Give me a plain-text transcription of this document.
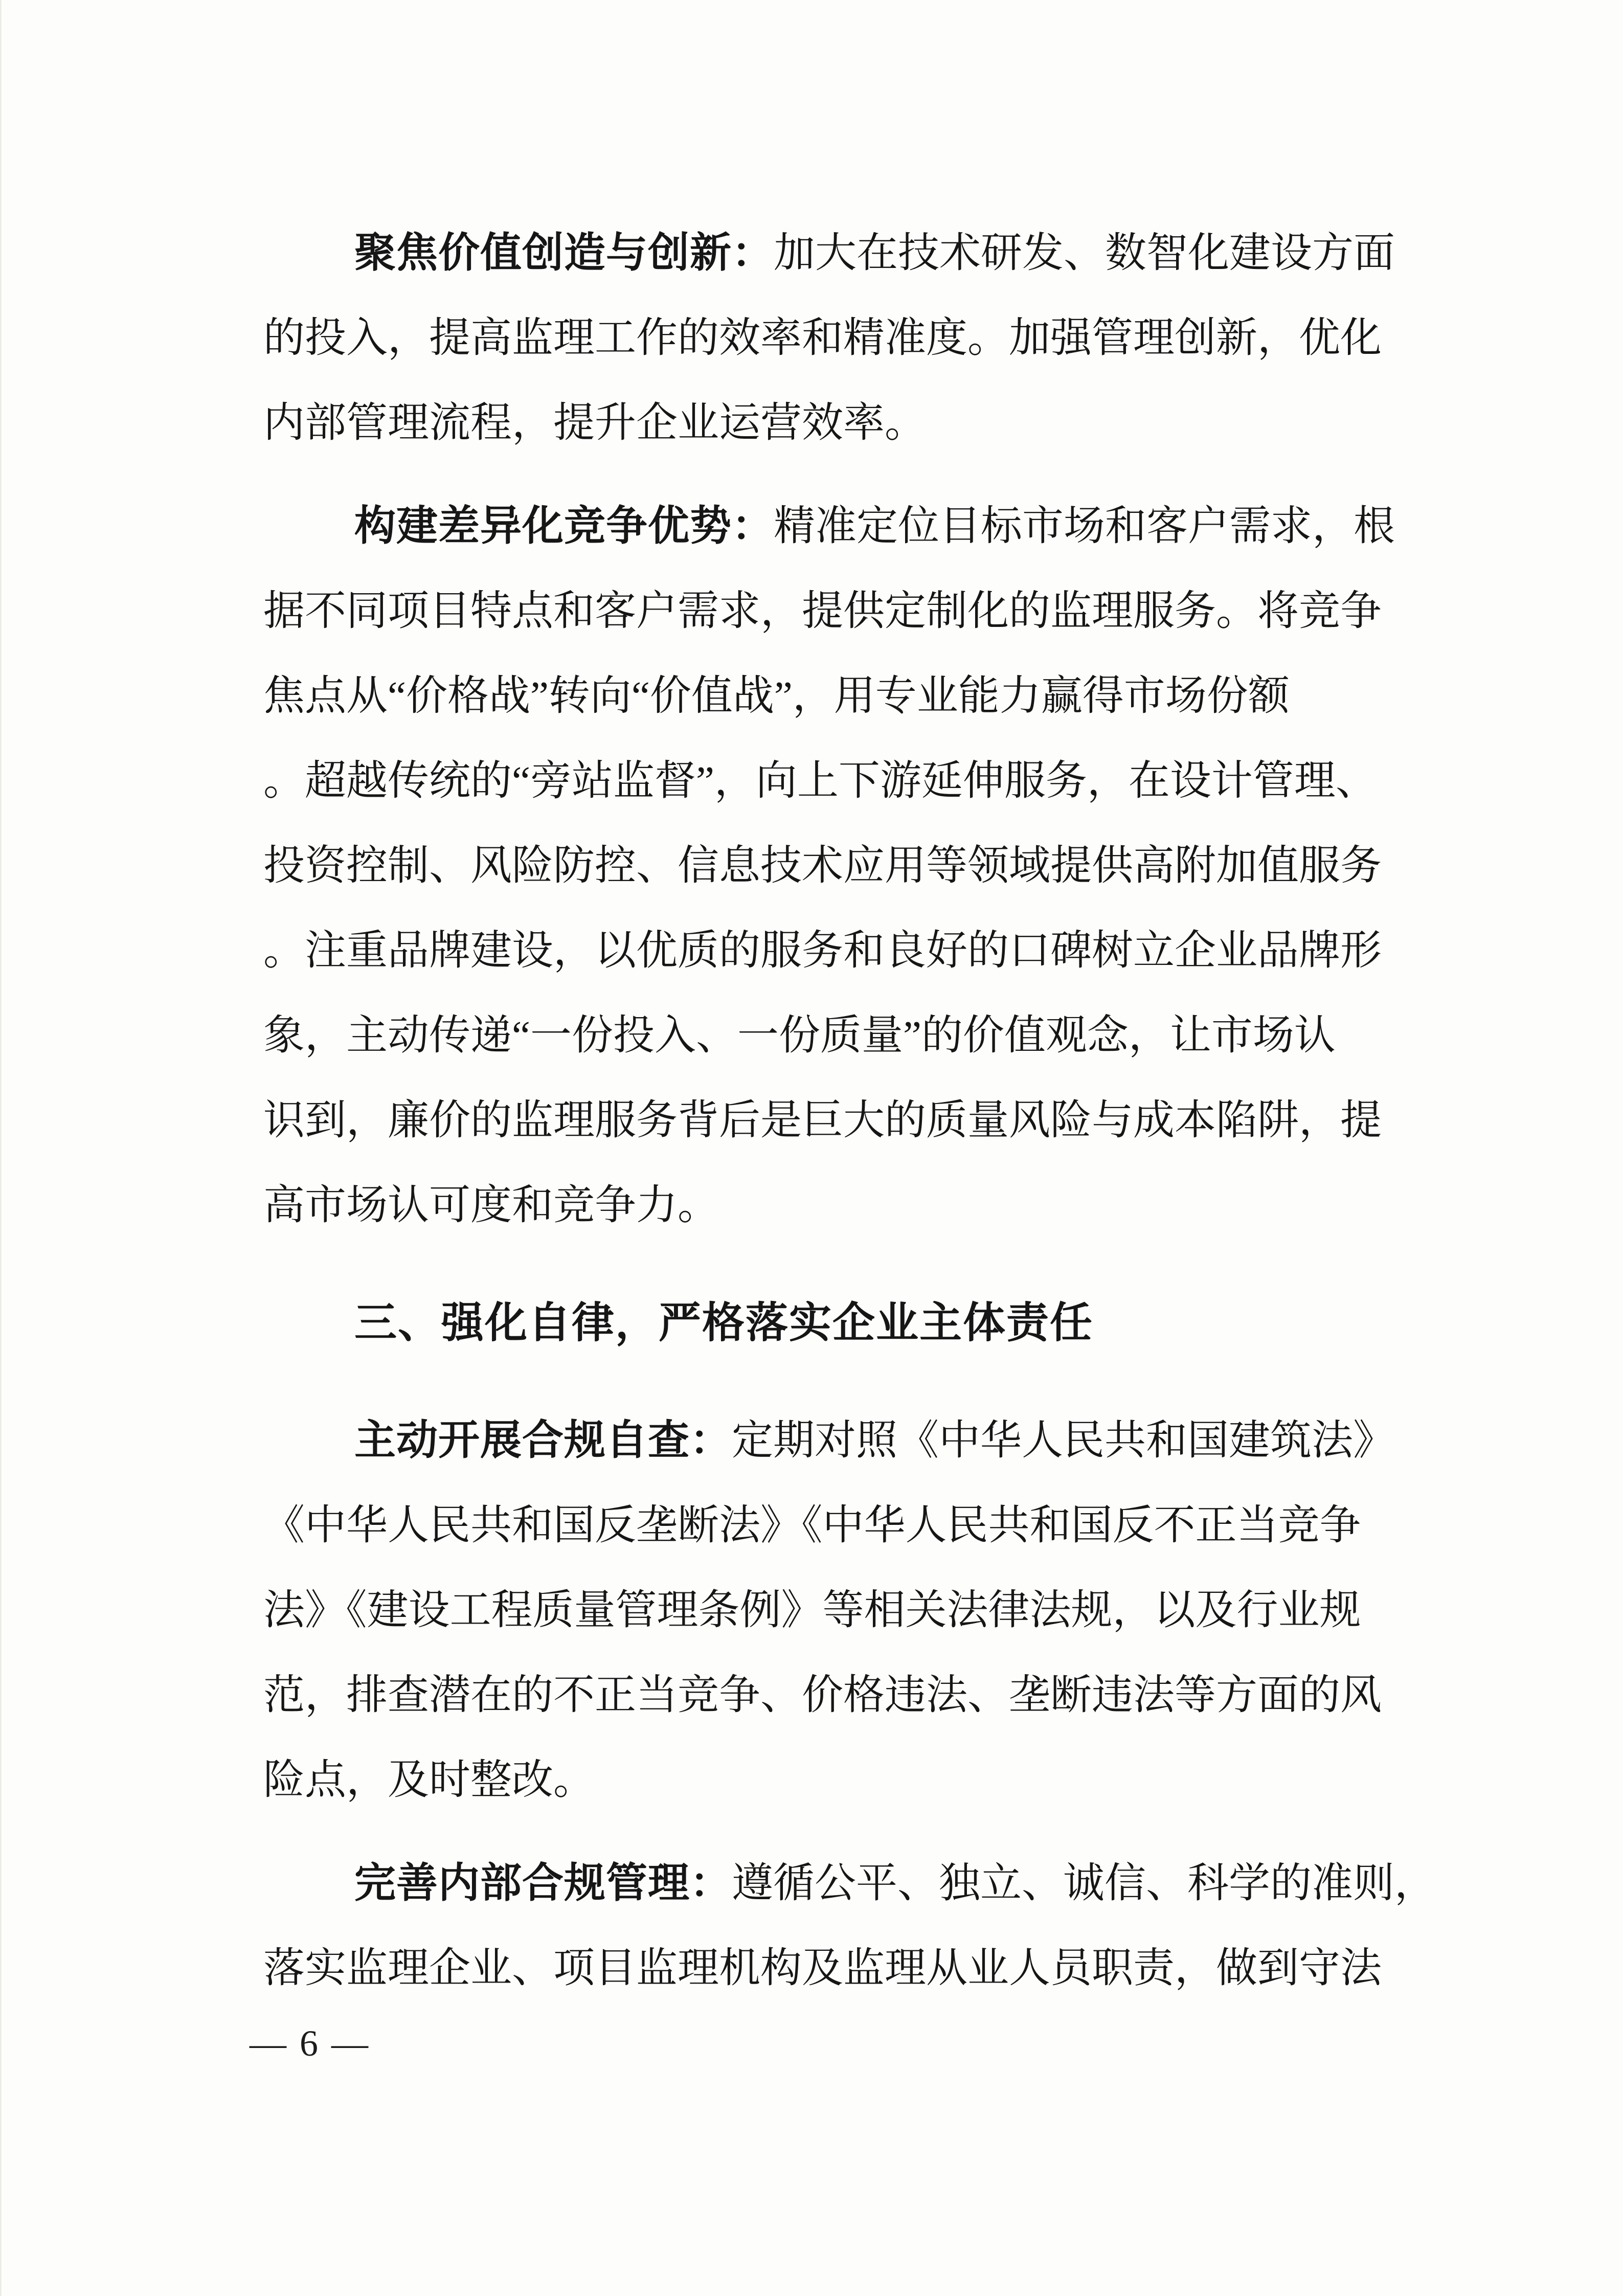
聚焦价值创造与创新：加大在技术研发、数智化建设方面
的投入，提高监理工作的效率和精准度。加强管理创新，优化
内部管理流程，提升企业运营效率。
构建差异化竞争优势：精准定位目标市场和客户需求，根
据不同项目特点和客户需求，提供定制化的监理服务。将竞争
焦点从“价格战”转向“价值战”，用专业能力赢得市场份额
。超越传统的“旁站监督”，向上下游延伸服务，在设计管理、
投资控制、风险防控、信息技术应用等领域提供高附加值服务
。注重品牌建设，以优质的服务和良好的口碑树立企业品牌形
象，主动传递“一份投入、一份质量”的价值观念，让市场认
识到，廉价的监理服务背后是巨大的质量风险与成本陷阱，提
高市场认可度和竞争力。
三、强化自律，严格落实企业主体责任
主动开展合规自查：定期对照《中华人民共和国建筑法》
《中华人民共和国反垄断法》《中华人民共和国反不正当竞争
法》《建设工程质量管理条例》等相关法律法规，以及行业规
范，排查潜在的不正当竞争、价格违法、垄断违法等方面的风
险点，及时整改。
完善内部合规管理：遵循公平、独立、诚信、科学的准则，
落实监理企业、项目监理机构及监理从业人员职责，做到守法
— 6 —
